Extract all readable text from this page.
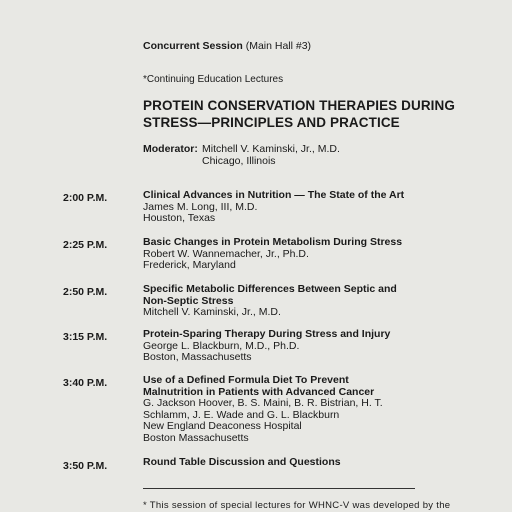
Concurrent Session (Main Hall #3)
*Continuing Education Lectures
PROTEIN CONSERVATION THERAPIES DURING
STRESS—PRINCIPLES AND PRACTICE
Moderator: Mitchell V. Kaminski, Jr., M.D.
Chicago, Illinois
2:00 P.M.	Clinical Advances in Nutrition — The State of the Art
James M. Long, III, M.D.
Houston, Texas
2:25 P.M.	Basic Changes in Protein Metabolism During Stress
Robert W. Wannemacher, Jr., Ph.D.
Frederick, Maryland
2:50 P.M.	Specific Metabolic Differences Between Septic and
Non-Septic Stress
Mitchell V. Kaminski, Jr., M.D.
3:15 P.M.	Protein-Sparing Therapy During Stress and Injury
George L. Blackburn, M.D., Ph.D.
Boston, Massachusetts
3:40 P.M.	Use of a Defined Formula Diet To Prevent
Malnutrition in Patients with Advanced Cancer
G. Jackson Hoover, B. S. Maini, B. R. Bistrian, H. T.
Schlamm, J. E. Wade and G. L. Blackburn
New England Deaconess Hospital
Boston Massachusetts
3:50 P.M.	Round Table Discussion and Questions
* This session of special lectures for WHNC-V was developed by the
